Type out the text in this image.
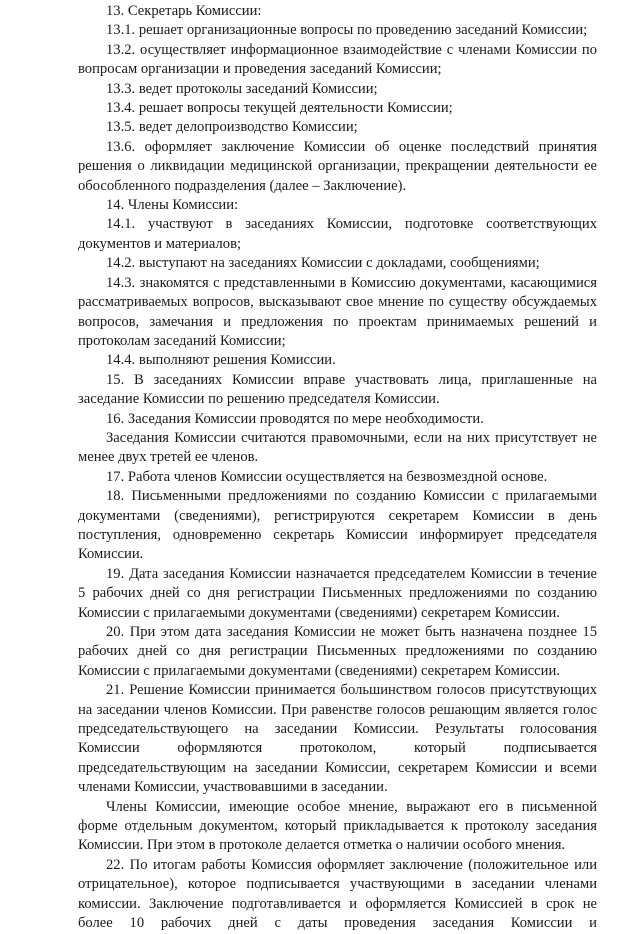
13. Секретарь Комиссии:

13.1. решает организационные вопросы по проведению заседаний Комиссии;

13.2. осуществляет информационное взаимодействие с членами Комиссии по вопросам организации и проведения заседаний Комиссии;

13.3. ведет протоколы заседаний Комиссии;

13.4. решает вопросы текущей деятельности Комиссии;

13.5. ведет делопроизводство Комиссии;

13.6. оформляет заключение Комиссии об оценке последствий принятия решения о ликвидации медицинской организации, прекращении деятельности ее обособленного подразделения (далее – Заключение).

14. Члены Комиссии:

14.1. участвуют в заседаниях Комиссии, подготовке соответствующих документов и материалов;

14.2. выступают на заседаниях Комиссии с докладами, сообщениями;

14.3. знакомятся с представленными в Комиссию документами, касающимися рассматриваемых вопросов, высказывают свое мнение по существу обсуждаемых вопросов, замечания и предложения по проектам принимаемых решений и протоколам заседаний Комиссии;

14.4. выполняют решения Комиссии.

15. В заседаниях Комиссии вправе участвовать лица, приглашенные на заседание Комиссии по решению председателя Комиссии.

16. Заседания Комиссии проводятся по мере необходимости.

Заседания Комиссии считаются правомочными, если на них присутствует не менее двух третей ее членов.

17. Работа членов Комиссии осуществляется на безвозмездной основе.

18. Письменными предложениями по созданию Комиссии с прилагаемыми документами (сведениями), регистрируются секретарем Комиссии в день поступления, одновременно секретарь Комиссии информирует председателя Комиссии.

19. Дата заседания Комиссии назначается председателем Комиссии в течение 5 рабочих дней со дня регистрации Письменных предложениями по созданию Комиссии с прилагаемыми документами (сведениями) секретарем Комиссии.

20. При этом дата заседания Комиссии не может быть назначена позднее 15 рабочих дней со дня регистрации Письменных предложениями по созданию Комиссии с прилагаемыми документами (сведениями) секретарем Комиссии.

21. Решение Комиссии принимается большинством голосов присутствующих на заседании членов Комиссии. При равенстве голосов решающим является голос председательствующего на заседании Комиссии. Результаты голосования Комиссии оформляются протоколом, который подписывается председательствующим на заседании Комиссии, секретарем Комиссии и всеми членами Комиссии, участвовавшими в заседании.

Члены Комиссии, имеющие особое мнение, выражают его в письменной форме отдельным документом, который прикладывается к протоколу заседания Комиссии. При этом в протоколе делается отметка о наличии особого мнения.

22. По итогам работы Комиссия оформляет заключение (положительное или отрицательное), которое подписывается участвующими в заседании членами комиссии. Заключение подготавливается и оформляется Комиссией в срок не более 10 рабочих дней с даты проведения заседания Комиссии и
